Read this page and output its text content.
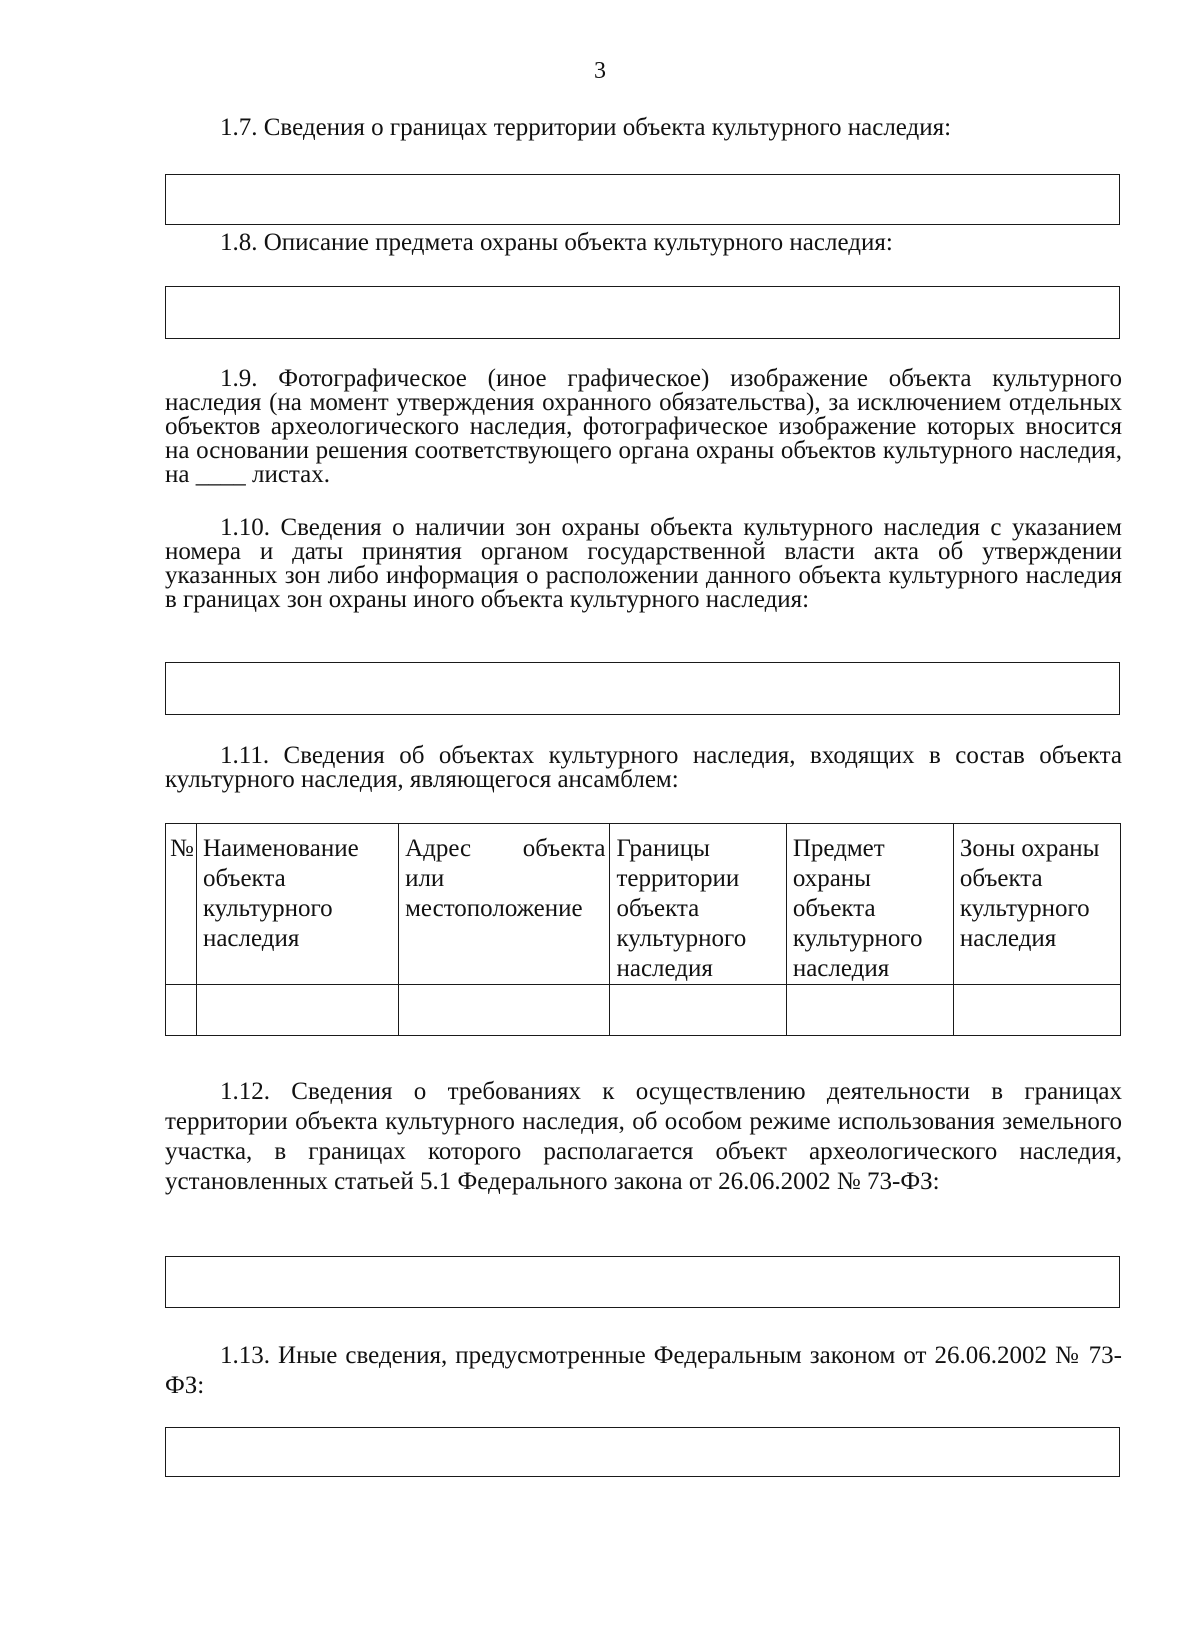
3

1.7. Сведения о границах территории объекта культурного наследия:

1.8. Описание предмета охраны объекта культурного наследия:

1.9. Фотографическое (иное графическое) изображение объекта культурного наследия (на момент утверждения охранного обязательства), за исключением отдельных объектов археологического наследия, фотографическое изображение которых вносится на основании решения соответствующего органа охраны объектов культурного наследия, на ____ листах.

1.10. Сведения о наличии зон охраны объекта культурного наследия с указанием номера и даты принятия органом государственной власти акта об утверждении указанных зон либо информация о расположении данного объекта культурного наследия в границах зон охраны иного объекта культурного наследия:

1.11. Сведения об объектах культурного наследия, входящих в состав объекта культурного наследия, являющегося ансамблем:

№	Наименование объекта культурного наследия	Адрес объекта или местоположение	Границы территории объекта культурного наследия	Предмет охраны объекта культурного наследия	Зоны охраны объекта культурного наследия

1.12. Сведения о требованиях к осуществлению деятельности в границах территории объекта культурного наследия, об особом режиме использования земельного участка, в границах которого располагается объект археологического наследия, установленных статьей 5.1 Федерального закона от 26.06.2002 № 73-ФЗ:

1.13. Иные сведения, предусмотренные Федеральным законом от 26.06.2002 № 73-ФЗ:
